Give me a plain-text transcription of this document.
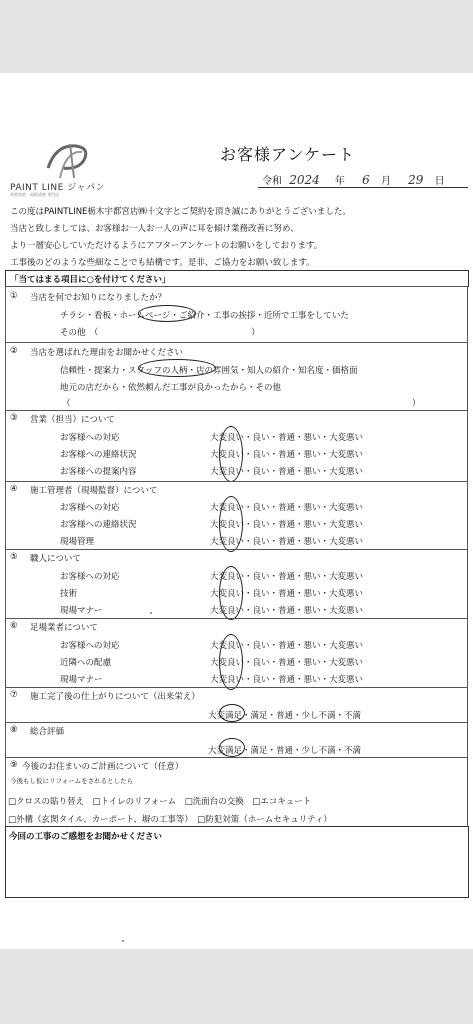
PAINT LINE ジャパン
外壁塗装・屋根塗装 専門店
お客様アンケート
令和 2024 年 6 月 29 日
この度はPAINTLINE栃木宇都宮店㈱十文字とご契約を頂き誠にありがとうございました。
当店と致しましては、お客様お一人お一人の声に耳を傾け業務改善に努め、
より一層安心していただけるようにアフターアンケートのお願いをしております。
工事後のどのような些細なことでも結構です。是非、ご協力をお願い致します。
「当てはまる項目に○を付けてください」
① 当店を何でお知りになりましたか？
チラシ・看板・ホームページ・ご紹介・工事の挨拶・近所で工事をしていた
その他　（　　　　　　　　　　　　　　　　　　）
② 当店を選ばれた理由をお聞かせください
信頼性・提案力・スタッフの人柄・店の雰囲気・知人の紹介・知名度・価格面
地元の店だから・依然頼んだ工事が良かったから・その他
（	）
③ 営業（担当）について
お客様への対応	大変良い・良い・普通・悪い・大変悪い
お客様への連絡状況	大変良い・良い・普通・悪い・大変悪い
お客様への提案内容	大変良い・良い・普通・悪い・大変悪い
④ 施工管理者（現場監督）について
お客様への対応	大変良い・良い・普通・悪い・大変悪い
お客様への連絡状況	大変良い・良い・普通・悪い・大変悪い
現場管理	大変良い・良い・普通・悪い・大変悪い
⑤ 職人について
お客様への対応	大変良い・良い・普通・悪い・大変悪い
技術	大変良い・良い・普通・悪い・大変悪い
現場マナー	大変良い・良い・普通・悪い・大変悪い
⑥ 足場業者について
お客様への対応	大変良い・良い・普通・悪い・大変悪い
近隣への配慮	大変良い・良い・普通・悪い・大変悪い
現場マナー	大変良い・良い・普通・悪い・大変悪い
⑦ 施工完了後の仕上がりについて（出来栄え）
大変満足・満足・普通・少し不満・不満
⑧ 総合評価
大変満足・満足・普通・少し不満・不満
⑨ 今後のお住まいのご計画について（任意）
今後もし仮にリフォームをされるとしたら
□クロスの貼り替え　□トイレのリフォーム　□洗面台の交換　□エコキュート
□外構（玄関タイル、カーポート、塀の工事等）　□防犯対策（ホームセキュリティ）
今回の工事のご感想をお聞かせください
